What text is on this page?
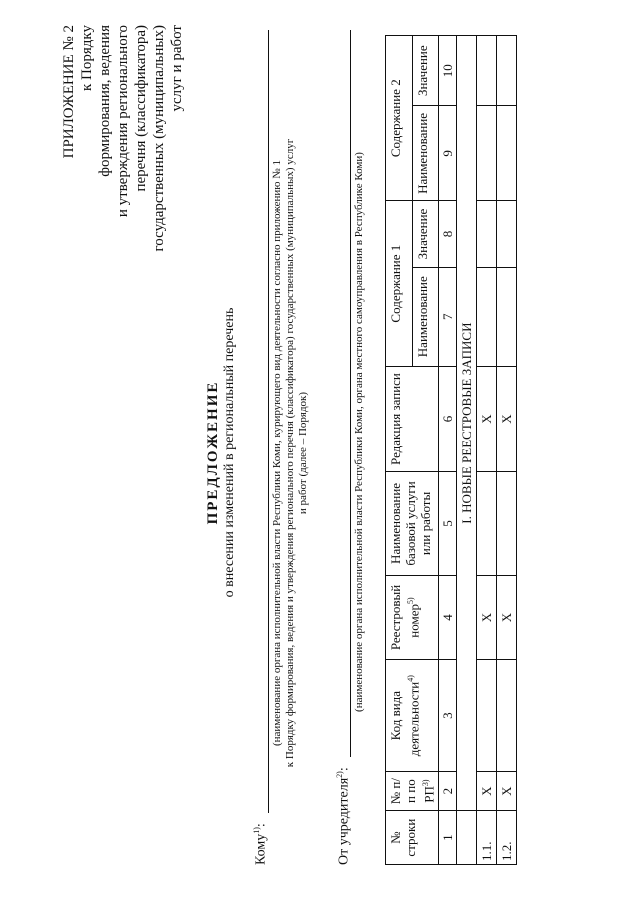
ПРИЛОЖЕНИЕ № 2 к Порядку формирования, ведения и утверждения регионального перечня (классификатора) государственных (муниципальных) услуг и работ
ПРЕДЛОЖЕНИЕ о внесении изменений в региональный перечень
Кому$^{1)}$:
(наименование органа исполнительной власти Республики Коми, курирующего вид деятельности согласно приложению № 1 к Порядку формирования, ведения и утверждения регионального перечня (классификатора) государственных (муниципальных) услуг и работ (далее – Порядок)
От учредителя$^{2)}$:
(наименование органа исполнительной власти Республики Коми, органа местного самоуправления в Республике Коми)
№ строки	№ п/п по РП$^{3)}$	Код вида деятельности$^{4)}$	Реестровый номер$^{5)}$	Наименование базовой услуги или работы	Редакция записи	Содержание 1		Содержание 2	
						Наименование	Значение	Наименование	Значение
1	2	3	4	5	6	7	8	9	10
	I. НОВЫЕ РЕЕСТРОВЫЕ ЗАПИСИ								
1.1.	X		X		X				
1.2.	X		X		X				
